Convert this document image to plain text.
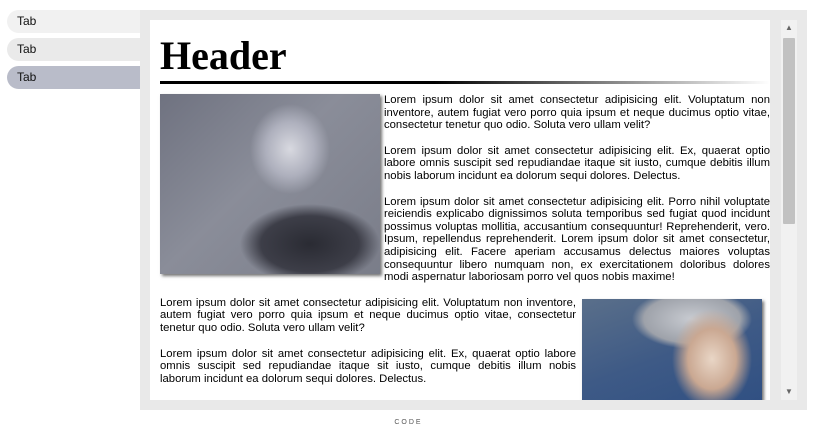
Tab
Tab
Tab	Header

Lorem ipsum dolor sit amet consectetur adipisicing elit. Voluptatum non inventore, autem fugiat vero porro quia ipsum et neque ducimus optio vitae, consectetur tenetur quo odio. Soluta vero ullam velit?

Lorem ipsum dolor sit amet consectetur adipisicing elit. Ex, quaerat optio labore omnis suscipit sed repudiandae itaque sit iusto, cumque debitis illum nobis laborum incidunt ea dolorum sequi dolores. Delectus.

Lorem ipsum dolor sit amet consectetur adipisicing elit. Porro nihil voluptate reiciendis explicabo dignissimos soluta temporibus sed fugiat quod incidunt possimus voluptas mollitia, accusantium consequuntur! Reprehenderit, vero. Ipsum, repellendus reprehenderit. Lorem ipsum dolor sit amet consectetur, adipisicing elit. Facere aperiam accusamus delectus maiores voluptas consequuntur libero numquam non, ex exercitationem doloribus dolores modi aspernatur laboriosam porro vel quos nobis maxime!

Lorem ipsum dolor sit amet consectetur adipisicing elit. Voluptatum non inventore, autem fugiat vero porro quia ipsum et neque ducimus optio vitae, consectetur tenetur quo odio. Soluta vero ullam velit?

Lorem ipsum dolor sit amet consectetur adipisicing elit. Ex, quaerat optio labore omnis suscipit sed repudiandae itaque sit iusto, cumque debitis illum nobis laborum incidunt ea dolorum sequi dolores. Delectus.

▲
▼
CODE
